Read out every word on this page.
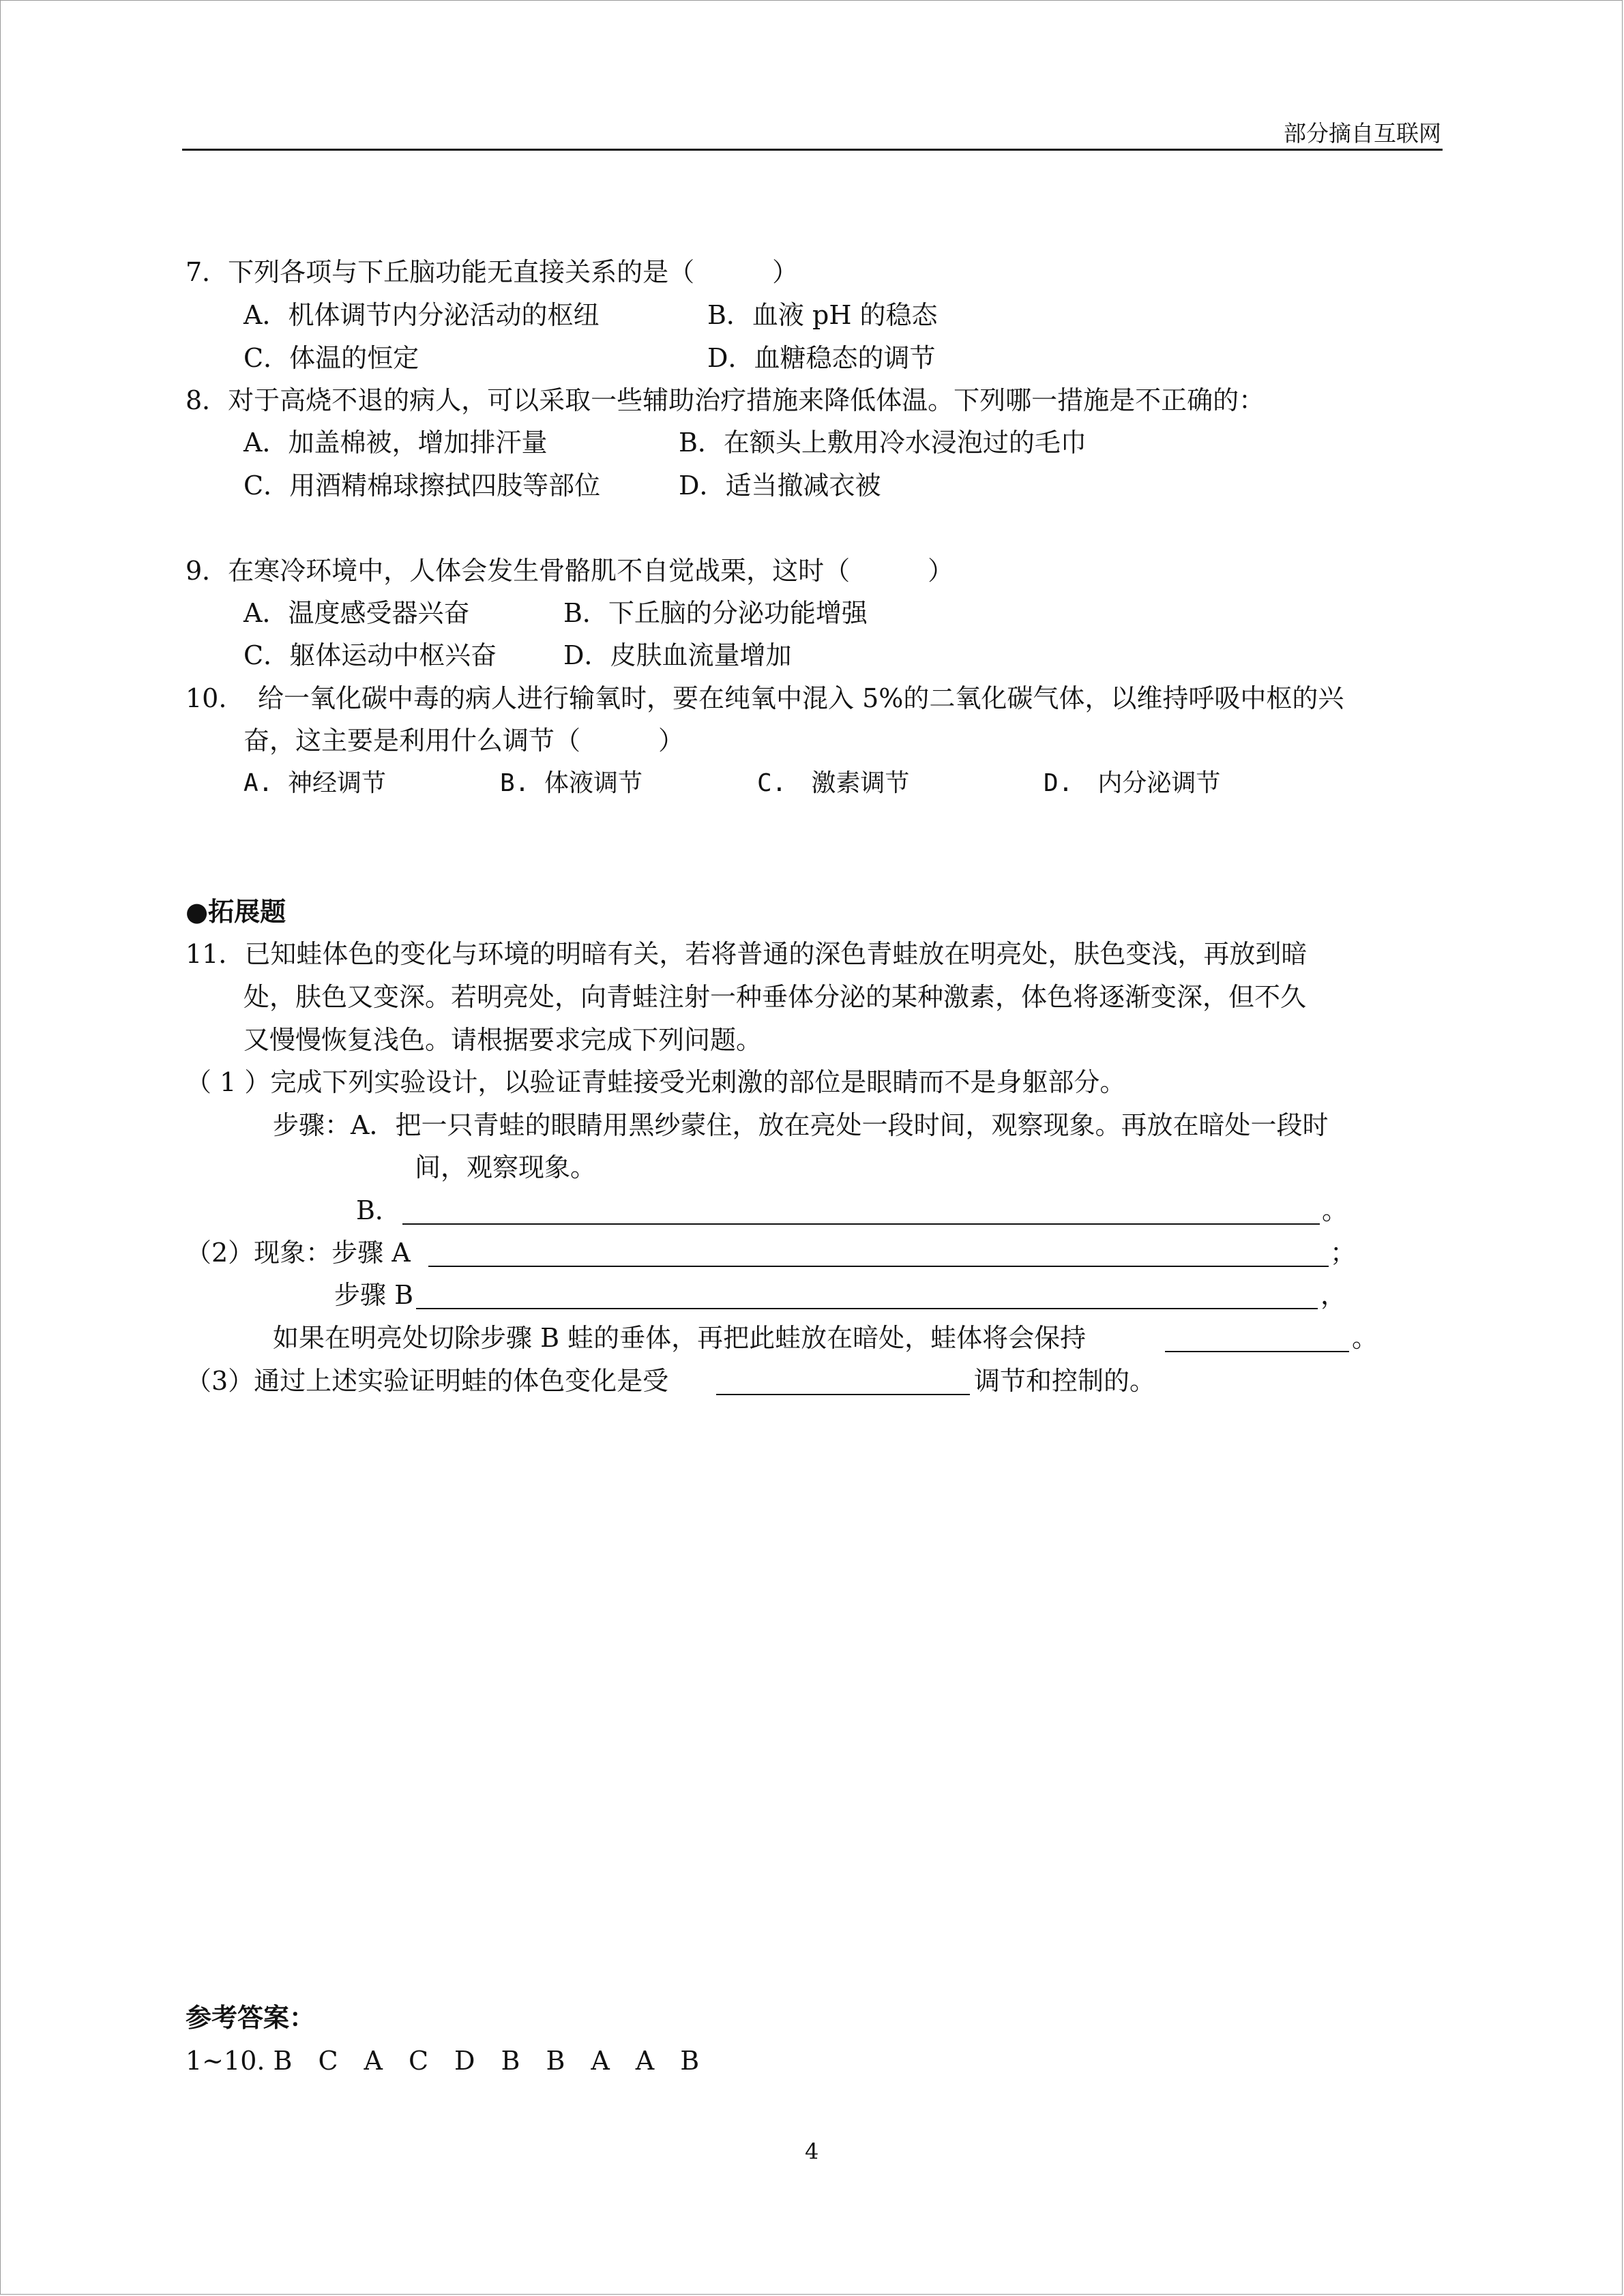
部分摘自互联网
7．下列各项与下丘脑功能无直接关系的是（　　　）
A．机体调节内分泌活动的枢纽	B．血液 pH 的稳态
C．体温的恒定	D．血糖稳态的调节
8．对于高烧不退的病人，可以采取一些辅助治疗措施来降低体温。下列哪一措施是不正确的：
A．加盖棉被，增加排汗量	B．在额头上敷用冷水浸泡过的毛巾
C．用酒精棉球擦拭四肢等部位	D．适当撤减衣被
9．在寒冷环境中，人体会发生骨骼肌不自觉战栗，这时（　　　）
A．温度感受器兴奋	B．下丘脑的分泌功能增强
C．躯体运动中枢兴奋	D．皮肤血流量增加
10. 给一氧化碳中毒的病人进行输氧时，要在纯氧中混入 5%的二氧化碳气体，以维持呼吸中枢的兴
奋，这主要是利用什么调节（　　　）
A. 神经调节	B. 体液调节	C.　激素调节	D.　内分泌调节
●拓展题
11．已知蛙体色的变化与环境的明暗有关，若将普通的深色青蛙放在明亮处，肤色变浅，再放到暗
处，肤色又变深。若明亮处，向青蛙注射一种垂体分泌的某种激素，体色将逐渐变深，但不久
又慢慢恢复浅色。请根据要求完成下列问题。
（ 1 ）完成下列实验设计，以验证青蛙接受光刺激的部位是眼睛而不是身躯部分。
步骤：A．把一只青蛙的眼睛用黑纱蒙住，放在亮处一段时间，观察现象。再放在暗处一段时
间，观察现象。
B．	。
（2）现象：步骤 A	；
步骤 B	，
如果在明亮处切除步骤 B 蛙的垂体，再把此蛙放在暗处，蛙体将会保持	。
（3）通过上述实验证明蛙的体色变化是受	调节和控制的。
参考答案：
1~10. B　C　A　C　D　B　B　A　A　B
4
